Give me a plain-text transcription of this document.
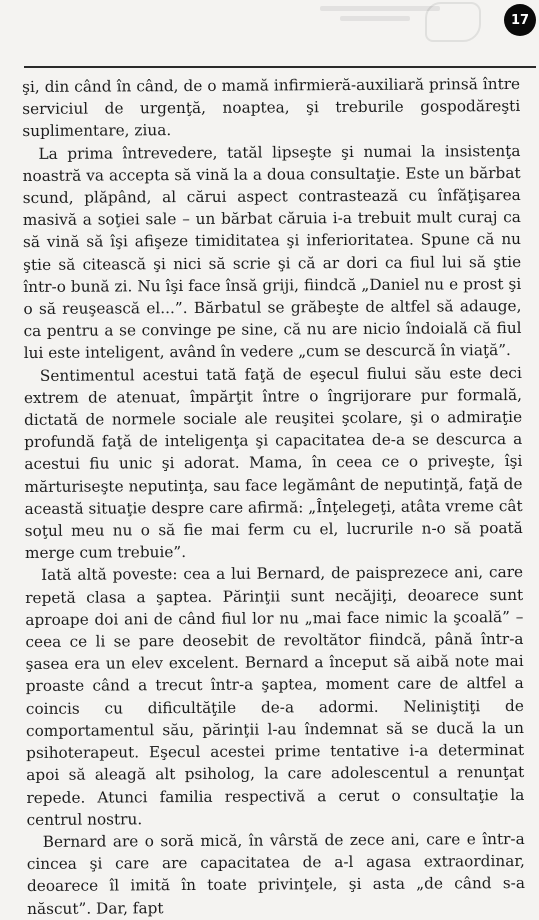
17

şi, din când în când, de o mamă infirmieră-auxiliară prinsă între serviciul de urgenţă, noaptea, şi treburile gospodăreşti suplimentare, ziua.

La prima întrevedere, tatăl lipseşte şi numai la insistenţa noastră va accepta să vină la a doua consultaţie. Este un bărbat scund, plăpând, al cărui aspect contrastează cu înfăţişarea masivă a soţiei sale – un bărbat căruia i-a trebuit mult curaj ca să vină să îşi afişeze timiditatea şi inferioritatea. Spune că nu ştie să citească şi nici să scrie şi că ar dori ca fiul lui să ştie într-o bună zi. Nu îşi face însă griji, fiindcă „Daniel nu e prost şi o să reuşească el...”. Bărbatul se grăbeşte de altfel să adauge, ca pentru a se convinge pe sine, că nu are nicio îndoială că fiul lui este inteligent, având în vedere „cum se descurcă în viaţă”.

Sentimentul acestui tată faţă de eşecul fiului său este deci extrem de atenuat, împărţit între o îngrijorare pur formală, dictată de normele sociale ale reuşitei şcolare, şi o admiraţie profundă faţă de inteligenţa şi capacitatea de-a se descurca a acestui fiu unic şi adorat. Mama, în ceea ce o priveşte, îşi mărturiseşte neputinţa, sau face legământ de neputinţă, faţă de această situaţie despre care afirmă: „Înţelegeţi, atâta vreme cât soţul meu nu o să fie mai ferm cu el, lucrurile n-o să poată merge cum trebuie”.

Iată altă poveste: cea a lui Bernard, de paisprezece ani, care repetă clasa a şaptea. Părinţii sunt necăjiţi, deoarece sunt aproape doi ani de când fiul lor nu „mai face nimic la şcoală” – ceea ce li se pare deosebit de revoltător fiindcă, până într-a şasea era un elev excelent. Bernard a început să aibă note mai proaste când a trecut într-a şaptea, moment care de altfel a coincis cu dificultăţile de-a adormi. Neliniştiţi de comportamentul său, părinţii l-au îndemnat să se ducă la un psihoterapeut. Eşecul acestei prime tentative i-a determinat apoi să aleagă alt psiholog, la care adolescentul a renunţat repede. Atunci familia respectivă a cerut o consultaţie la centrul nostru.

Bernard are o soră mică, în vârstă de zece ani, care e într-a cincea şi care are capacitatea de a-l agasa extraordinar, deoarece îl imită în toate privinţele, şi asta „de când s-a născut”. Dar, fapt
